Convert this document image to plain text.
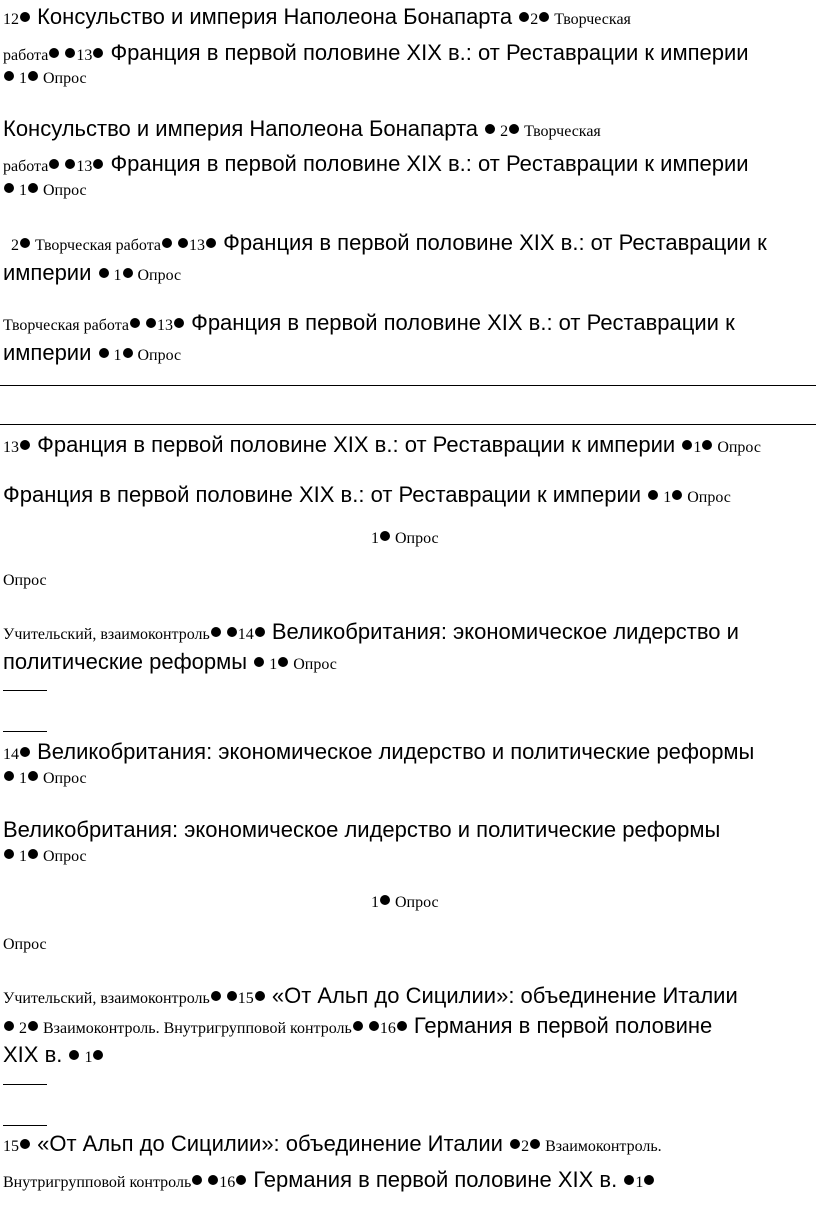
12 Консульство и империя Наполеона Бонапарта 2 Творческая
работа 13 Франция в первой половине XIX в.: от Реставрации к империи
1 Опрос
Консульство и империя Наполеона Бонапарта  2 Творческая
работа 13 Франция в первой половине XIX в.: от Реставрации к империи
1 Опрос
2 Творческая работа 13 Франция в первой половине XIX в.: от Реставрации к
империи  1 Опрос
Творческая работа 13 Франция в первой половине XIX в.: от Реставрации к
империи  1 Опрос
13 Франция в первой половине XIX в.: от Реставрации к империи 1 Опрос
Франция в первой половине XIX в.: от Реставрации к империи  1 Опрос
1 Опрос
Опрос
Учительский, взаимоконтроль 14 Великобритания: экономическое лидерство и
политические реформы  1 Опрос
14 Великобритания: экономическое лидерство и политические реформы
1 Опрос
Великобритания: экономическое лидерство и политические реформы
1 Опрос
1 Опрос
Опрос
Учительский, взаимоконтроль 15 «От Альп до Сицилии»: объединение Италии
2 Взаимоконтроль. Внутригрупповой контроль 16 Германия в первой половине
XIX в.  1
15 «От Альп до Сицилии»: объединение Италии 2 Взаимоконтроль.
Внутригрупповой контроль 16 Германия в первой половине XIX в. 1
